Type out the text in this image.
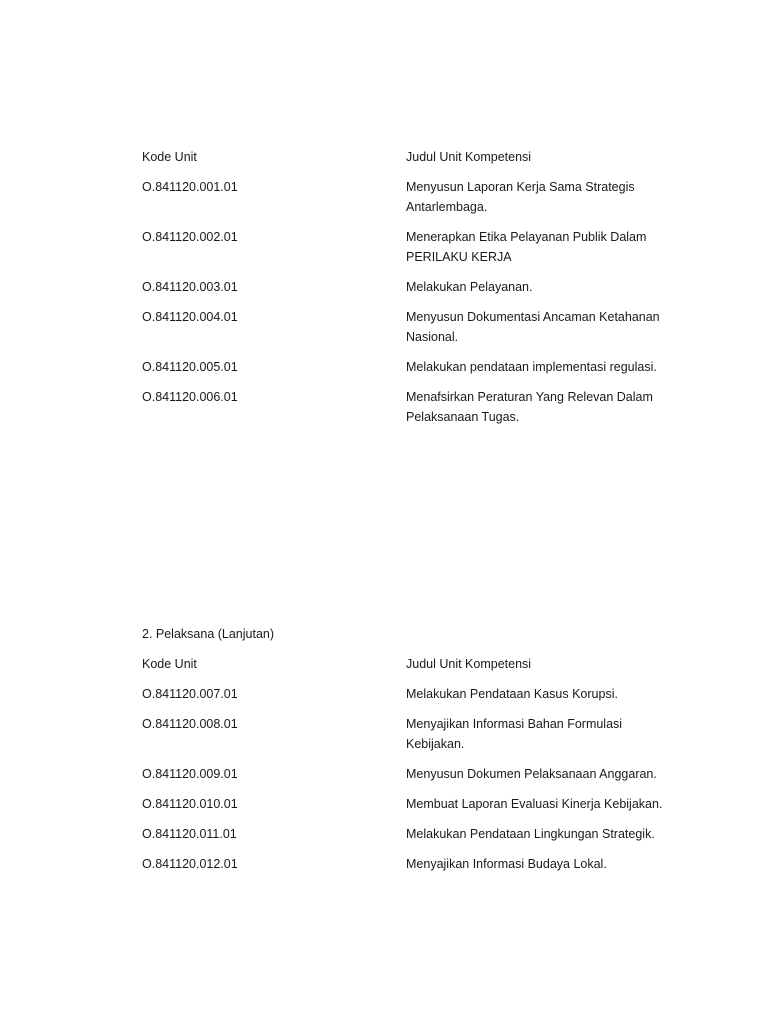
Kode Unit	Judul Unit Kompetensi
O.841120.001.01	Menyusun Laporan Kerja Sama Strategis Antarlembaga.
O.841120.002.01	Menerapkan Etika Pelayanan Publik Dalam PERILAKU KERJA
O.841120.003.01	Melakukan Pelayanan.
O.841120.004.01	Menyusun Dokumentasi Ancaman Ketahanan Nasional.
O.841120.005.01	Melakukan pendataan implementasi regulasi.
O.841120.006.01	Menafsirkan Peraturan Yang Relevan Dalam Pelaksanaan Tugas.
2. Pelaksana (Lanjutan)
Kode Unit	Judul Unit Kompetensi
O.841120.007.01	Melakukan Pendataan Kasus Korupsi.
O.841120.008.01	Menyajikan Informasi Bahan Formulasi Kebijakan.
O.841120.009.01	Menyusun Dokumen Pelaksanaan Anggaran.
O.841120.010.01	Membuat Laporan Evaluasi Kinerja Kebijakan.
O.841120.011.01	Melakukan Pendataan Lingkungan Strategik.
O.841120.012.01	Menyajikan Informasi Budaya Lokal.
